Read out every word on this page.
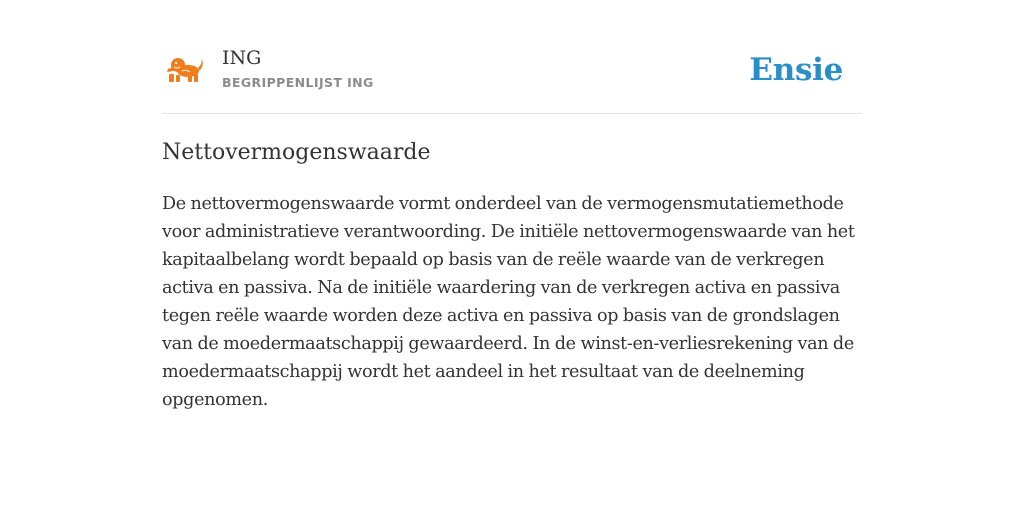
ING
BEGRIPPENLIJST ING	Ensie
Nettovermogenswaarde

De nettovermogenswaarde vormt onderdeel van de vermogensmutatiemethode voor administratieve verantwoording. De initiële nettovermogenswaarde van het kapitaalbelang wordt bepaald op basis van de reële waarde van de verkregen activa en passiva. Na de initiële waardering van de verkregen activa en passiva tegen reële waarde worden deze activa en passiva op basis van de grondslagen van de moedermaatschappij gewaardeerd. In de winst-en-verliesrekening van de moedermaatschappij wordt het aandeel in het resultaat van de deelneming opgenomen.
